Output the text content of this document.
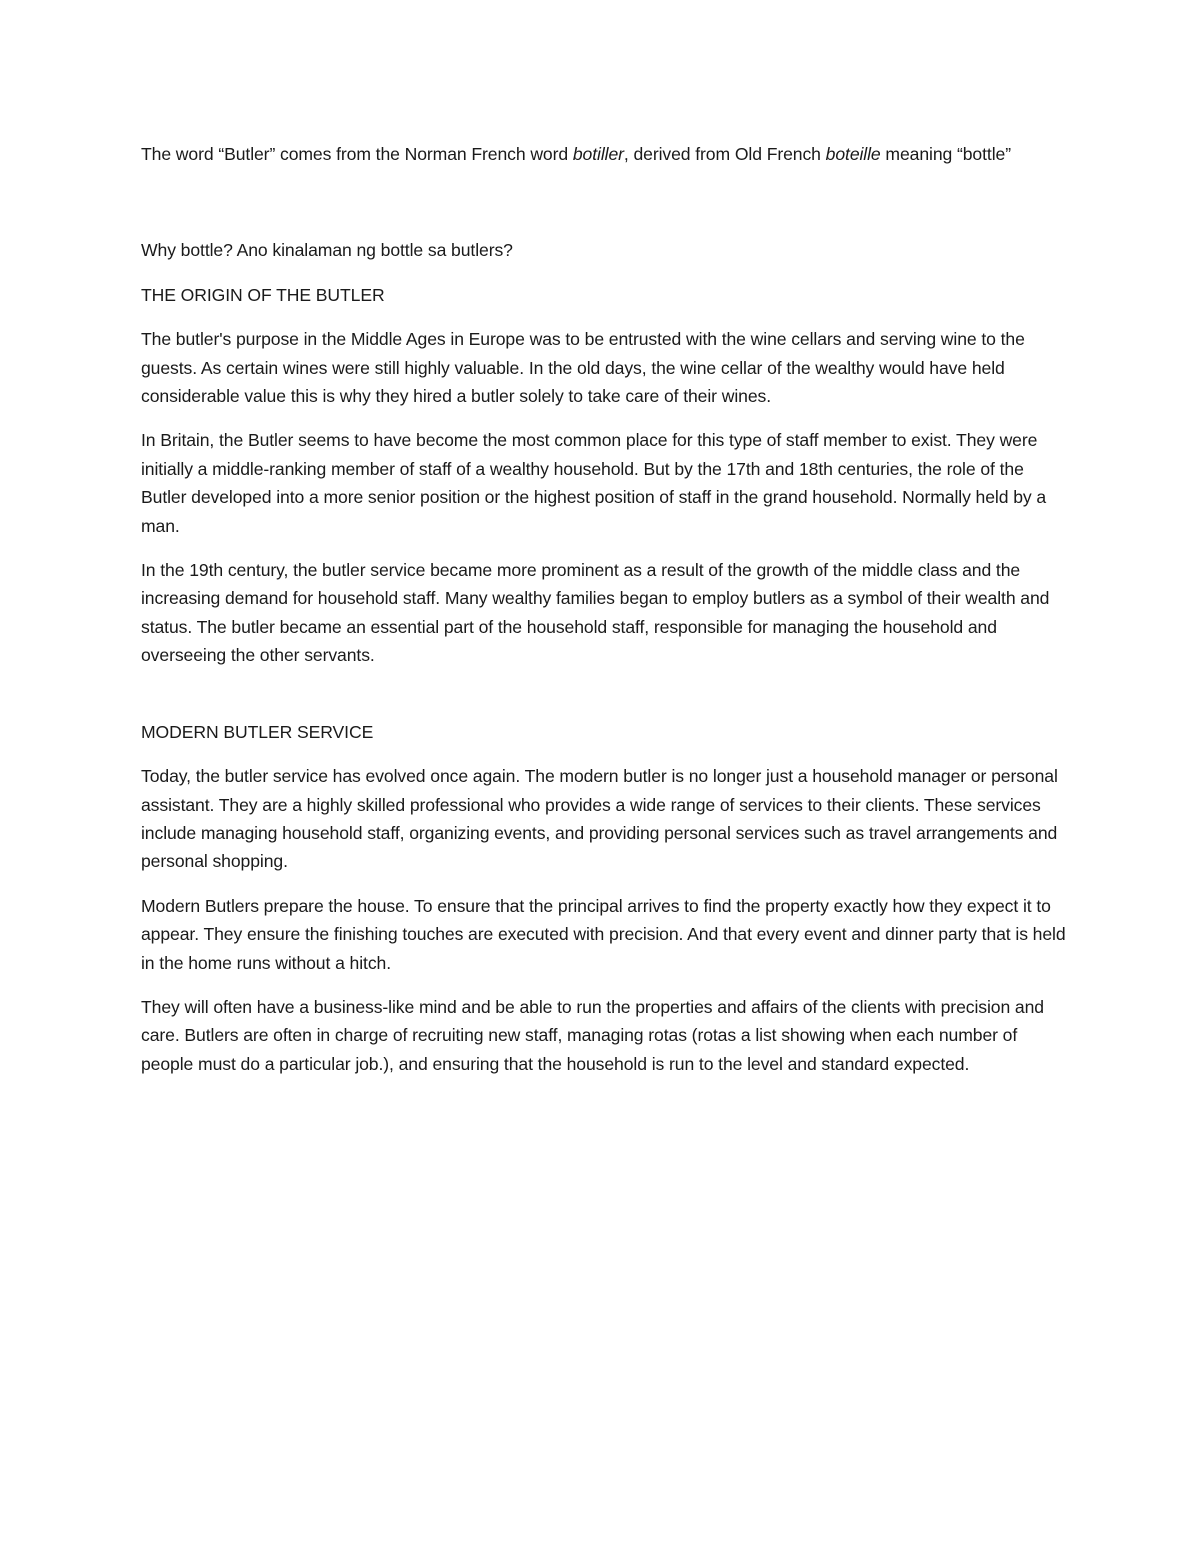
The word “Butler” comes from the Norman French word botiller, derived from Old French boteille meaning “bottle”

Why bottle? Ano kinalaman ng bottle sa butlers?

THE ORIGIN OF THE BUTLER

The butler's purpose in the Middle Ages in Europe was to be entrusted with the wine cellars and serving wine to the guests. As certain wines were still highly valuable. In the old days, the wine cellar of the wealthy would have held considerable value this is why they hired a butler solely to take care of their wines.

In Britain, the Butler seems to have become the most common place for this type of staff member to exist. They were initially a middle-ranking member of staff of a wealthy household. But by the 17th and 18th centuries, the role of the Butler developed into a more senior position or the highest position of staff in the grand household. Normally held by a man.

In the 19th century, the butler service became more prominent as a result of the growth of the middle class and the increasing demand for household staff. Many wealthy families began to employ butlers as a symbol of their wealth and status. The butler became an essential part of the household staff, responsible for managing the household and overseeing the other servants.

MODERN BUTLER SERVICE

Today, the butler service has evolved once again. The modern butler is no longer just a household manager or personal assistant. They are a highly skilled professional who provides a wide range of services to their clients. These services include managing household staff, organizing events, and providing personal services such as travel arrangements and personal shopping.

Modern Butlers prepare the house. To ensure that the principal arrives to find the property exactly how they expect it to appear. They ensure the finishing touches are executed with precision. And that every event and dinner party that is held in the home runs without a hitch.

They will often have a business-like mind and be able to run the properties and affairs of the clients with precision and care. Butlers are often in charge of recruiting new staff, managing rotas (rotas a list showing when each number of people must do a particular job.), and ensuring that the household is run to the level and standard expected.
